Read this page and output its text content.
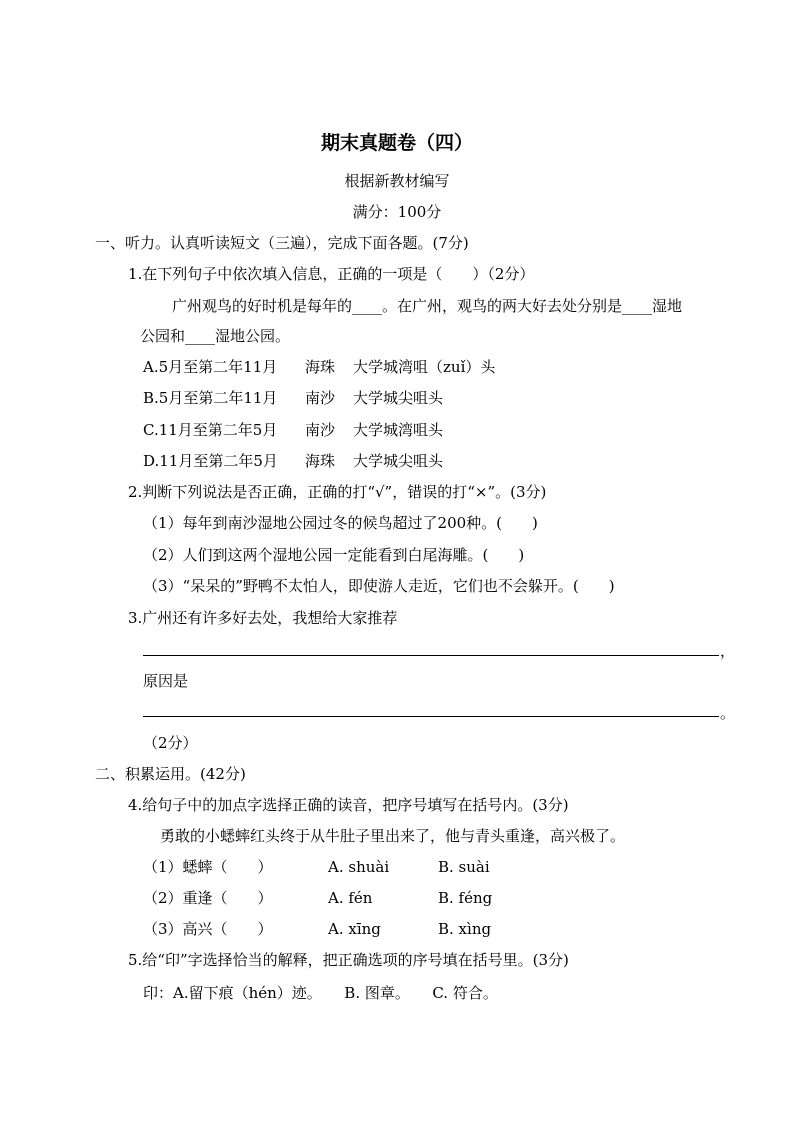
期末真题卷（四）
根据新教材编写
满分：100分
一、听力。认真听读短文（三遍），完成下面各题。(7分)
1.在下列句子中依次填入信息，正确的一项是（　　）（2分）
广州观鸟的好时机是每年的____。在广州，观鸟的两大好去处分别是____湿地
公园和____湿地公园。
A.5月至第二年11月 海珠 大学城湾咀（zuǐ）头
B.5月至第二年11月 南沙 大学城尖咀头
C.11月至第二年5月 南沙 大学城湾咀头
D.11月至第二年5月 海珠 大学城尖咀头
2.判断下列说法是否正确，正确的打“√”，错误的打“×”。(3分)
（1）每年到南沙湿地公园过冬的候鸟超过了200种。(　　)
（2）人们到这两个湿地公园一定能看到白尾海雕。(　　)
（3）“呆呆的”野鸭不太怕人，即使游人走近，它们也不会躲开。(　　)
3.广州还有许多好去处，我想给大家推荐
，
原因是
。
（2分）
二、积累运用。(42分)
4.给句子中的加点字选择正确的读音，把序号填写在括号内。(3分)
勇敢的小蟋蟀红头终于从牛肚子里出来了，他与青头重逢，高兴极了。
（1）蟋蟀（　　）	A. shuài	B. suài
（2）重逢（　　）	A. fén	B. féng
（3）高兴（　　）	A. xīng	B. xìng
5.给“印”字选择恰当的解释，把正确选项的序号填在括号里。(3分)
印：A.留下痕（hén）迹。　　B. 图章。　　C. 符合。
